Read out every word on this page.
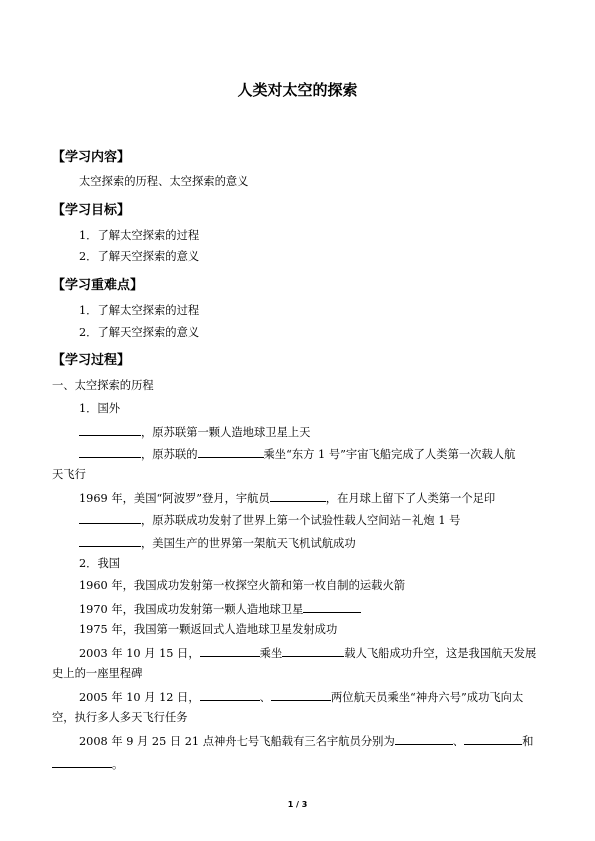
人类对太空的探索
【学习内容】
太空探索的历程、太空探索的意义
【学习目标】
1．了解太空探索的过程
2．了解天空探索的意义
【学习重难点】
1．了解太空探索的过程
2．了解天空探索的意义
【学习过程】
一、太空探索的历程
1．国外
，原苏联第一颗人造地球卫星上天
，原苏联的	乘坐“东方 1 号”宇宙飞船完成了人类第一次载人航
天飞行
1969 年，美国“阿波罗”登月，宇航员	，在月球上留下了人类第一个足印
，原苏联成功发射了世界上第一个试验性载人空间站－礼炮 1 号
，美国生产的世界第一架航天飞机试航成功
2．我国
1960 年，我国成功发射第一枚探空火箭和第一枚自制的运载火箭
1970 年，我国成功发射第一颗人造地球卫星
1975 年，我国第一颗返回式人造地球卫星发射成功
2003 年 10 月 15 日，	乘坐	载人飞船成功升空，这是我国航天发展
史上的一座里程碑
2005 年 10 月 12 日，	、	两位航天员乘坐“神舟六号”成功飞向太
空，执行多人多天飞行任务
2008 年 9 月 25 日 21 点神舟七号飞船载有三名宇航员分别为	、	和
。
1 / 3
